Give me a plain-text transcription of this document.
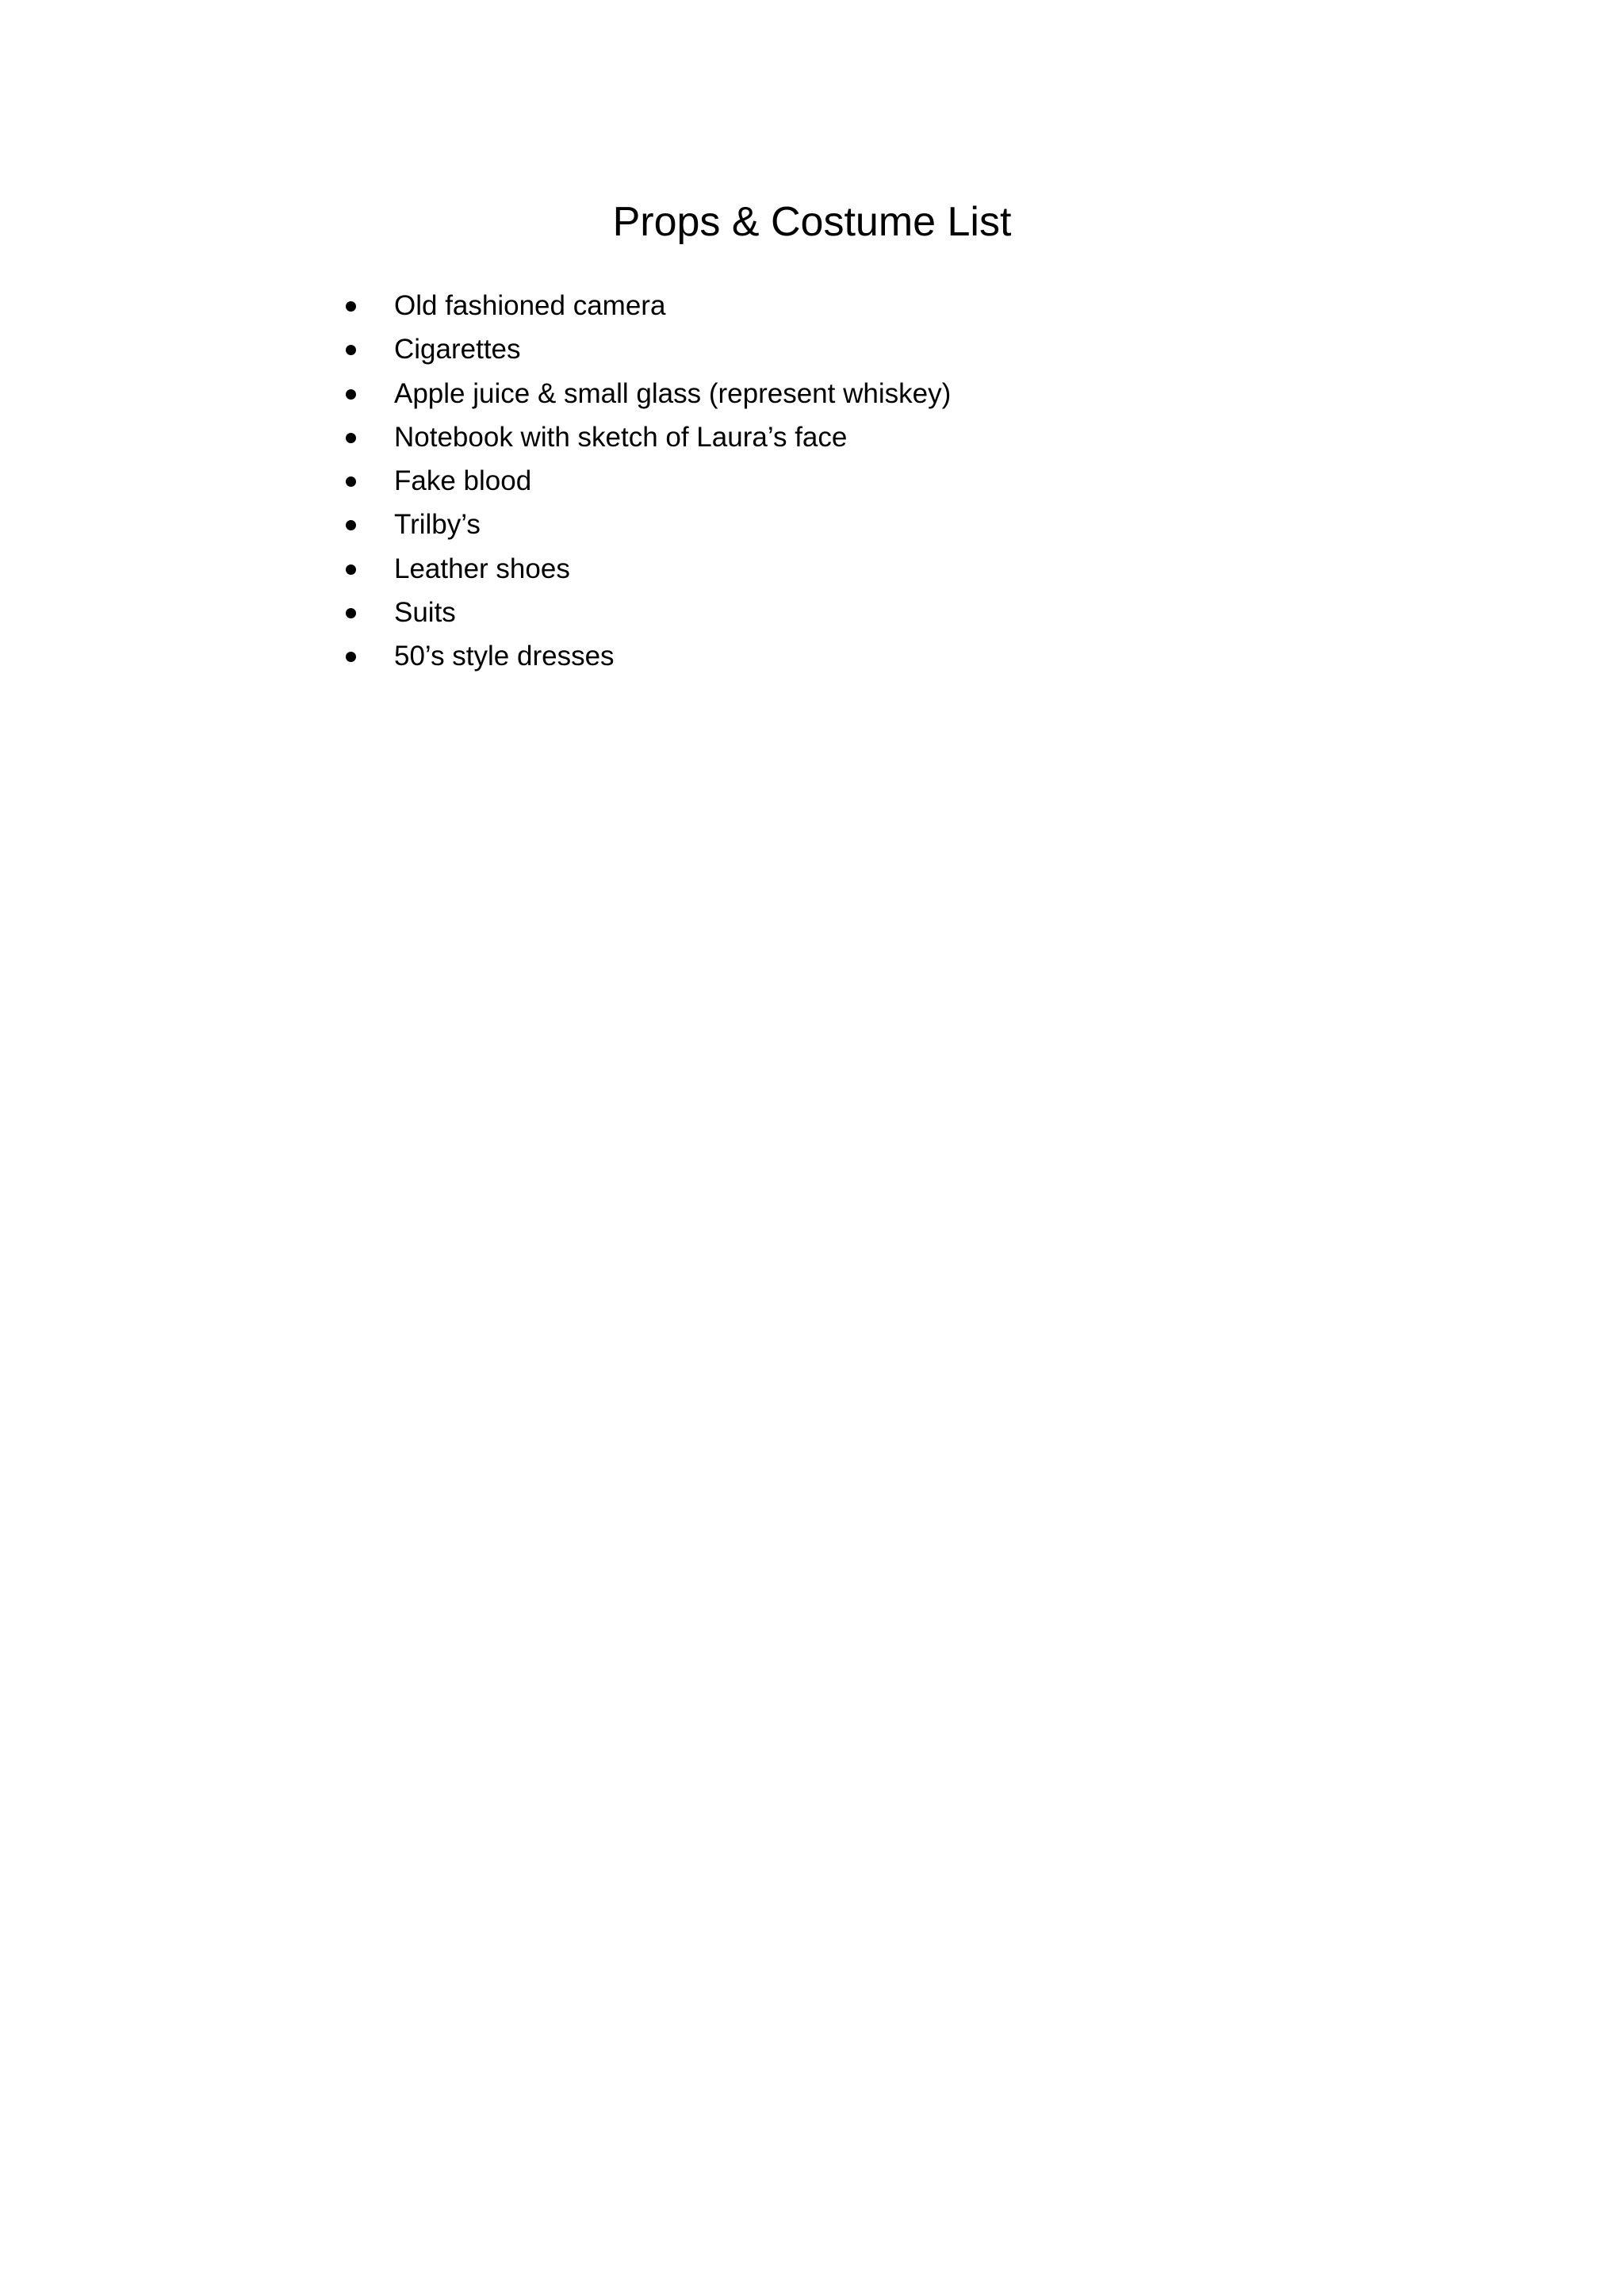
Props & Costume List
Old fashioned camera
Cigarettes
Apple juice & small glass (represent whiskey)
Notebook with sketch of Laura’s face
Fake blood
Trilby’s
Leather shoes
Suits
50’s style dresses
